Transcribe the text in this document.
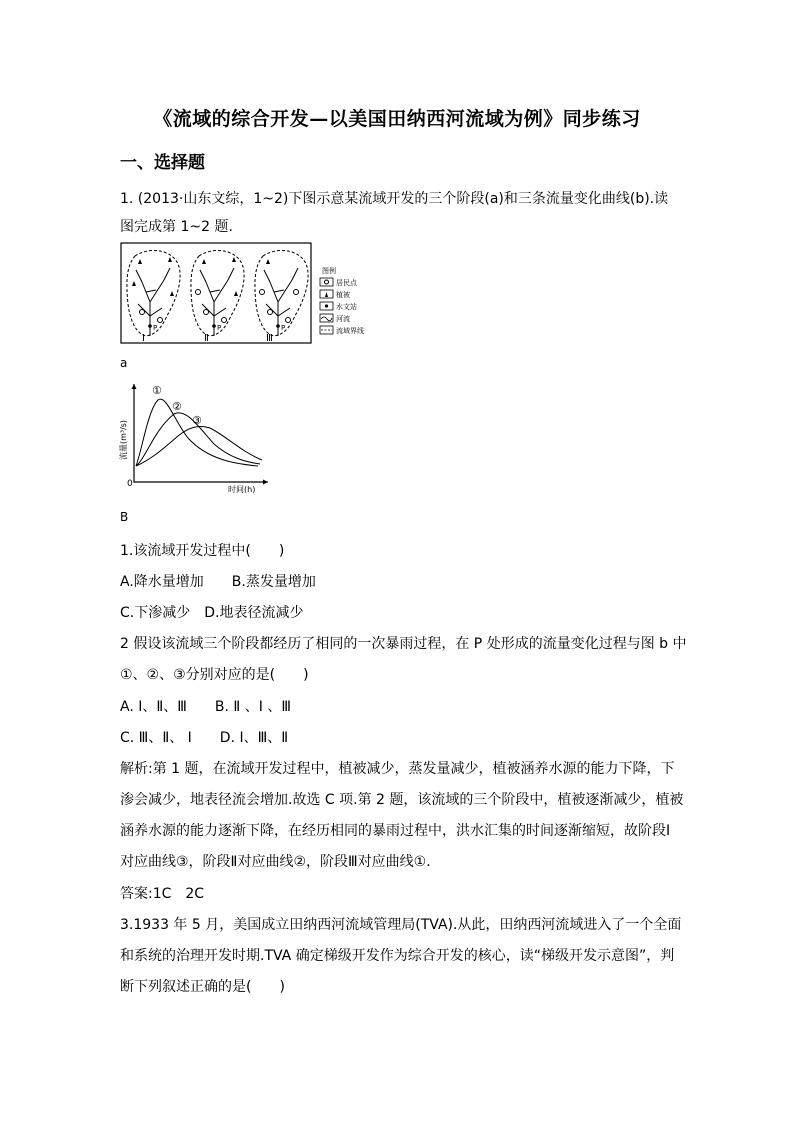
《流域的综合开发—以美国田纳西河流域为例》同步练习
一、选择题
1. (2013·山东文综，1~2)下图示意某流域开发的三个阶段(a)和三条流量变化曲线(b).读
图完成第 1~2 题.
Ⅰ	Ⅱ	Ⅲ
P	P	P
图例
居民点
植被
水文站
河流
流域界线
a
①
②
③
0
时间(h)
流量(m³/s)
B
1.该流域开发过程中(　　)
A.降水量增加　　B.蒸发量增加
C.下渗减少　D.地表径流减少
2 假设该流域三个阶段都经历了相同的一次暴雨过程，在 P 处形成的流量变化过程与图 b 中
①、②、③分别对应的是(　　)
A. Ⅰ、Ⅱ、Ⅲ　　B. Ⅱ 、Ⅰ 、Ⅲ
C. Ⅲ、Ⅱ、 Ⅰ　　D. Ⅰ、Ⅲ、Ⅱ
解析:第 1 题，在流域开发过程中，植被减少，蒸发量减少，植被涵养水源的能力下降，下
渗会减少，地表径流会增加.故选 C 项.第 2 题，该流域的三个阶段中，植被逐渐减少，植被
涵养水源的能力逐渐下降，在经历相同的暴雨过程中，洪水汇集的时间逐渐缩短，故阶段Ⅰ
对应曲线③，阶段Ⅱ对应曲线②，阶段Ⅲ对应曲线①.
答案:1C　2C
3.1933 年 5 月，美国成立田纳西河流域管理局(TVA).从此，田纳西河流域进入了一个全面
和系统的治理开发时期.TVA 确定梯级开发作为综合开发的核心，读“梯级开发示意图”，判
断下列叙述正确的是(　　)
